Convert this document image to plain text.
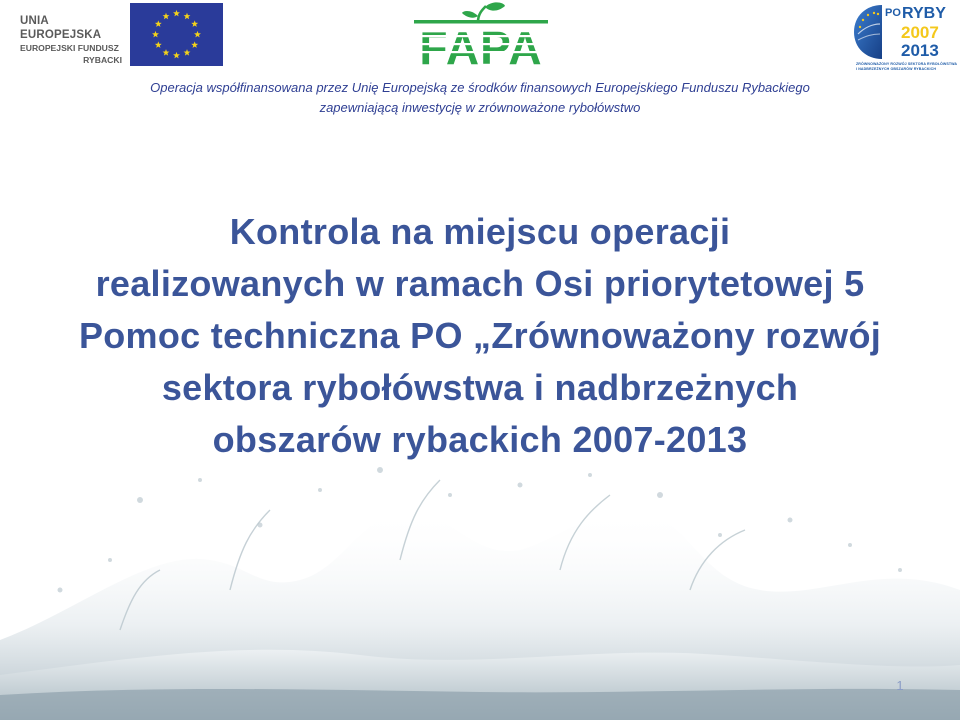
UNIA EUROPEJSKA
EUROPEJSKI FUNDUSZ
RYBACKI
PO RYBY
2007
2013
ZRÓWNOWAŻONY ROZWÓJ SEKTORA RYBOŁÓWSTWA
I NADBRZEŻNYCH OBSZARÓW RYBACKICH
Operacja współfinansowana przez Unię Europejską ze środków finansowych Europejskiego Funduszu Rybackiego
zapewniającą inwestycję w zrównoważone rybołówstwo
Kontrola na miejscu operacji
realizowanych w ramach Osi priorytetowej 5
Pomoc techniczna PO „Zrównoważony rozwój
sektora rybołówstwa i nadbrzeżnych
obszarów rybackich 2007-2013
1
